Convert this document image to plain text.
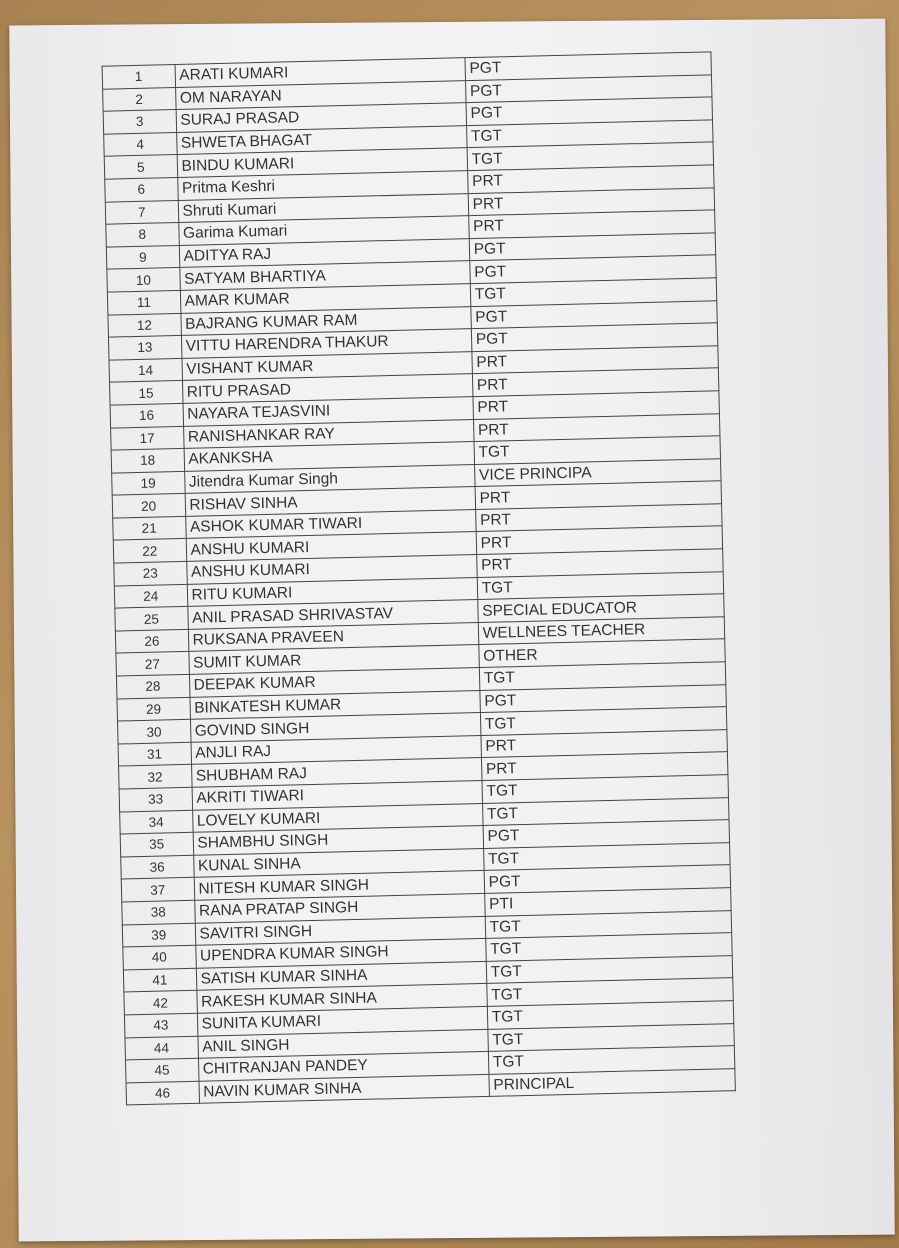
1	ARATI KUMARI	PGT
2	OM NARAYAN	PGT
3	SURAJ PRASAD	PGT
4	SHWETA BHAGAT	TGT
5	BINDU KUMARI	TGT
6	Pritma Keshri	PRT
7	Shruti Kumari	PRT
8	Garima Kumari	PRT
9	ADITYA RAJ	PGT
10	SATYAM BHARTIYA	PGT
11	AMAR KUMAR	TGT
12	BAJRANG KUMAR RAM	PGT
13	VITTU HARENDRA THAKUR	PGT
14	VISHANT KUMAR	PRT
15	RITU PRASAD	PRT
16	NAYARA TEJASVINI	PRT
17	RANISHANKAR RAY	PRT
18	AKANKSHA	TGT
19	Jitendra Kumar Singh	VICE PRINCIPA
20	RISHAV SINHA	PRT
21	ASHOK KUMAR TIWARI	PRT
22	ANSHU KUMARI	PRT
23	ANSHU KUMARI	PRT
24	RITU KUMARI	TGT
25	ANIL PRASAD SHRIVASTAV	SPECIAL EDUCATOR
26	RUKSANA PRAVEEN	WELLNEES TEACHER
27	SUMIT KUMAR	OTHER
28	DEEPAK KUMAR	TGT
29	BINKATESH KUMAR	PGT
30	GOVIND SINGH	TGT
31	ANJLI RAJ	PRT
32	SHUBHAM RAJ	PRT
33	AKRITI TIWARI	TGT
34	LOVELY KUMARI	TGT
35	SHAMBHU SINGH	PGT
36	KUNAL SINHA	TGT
37	NITESH KUMAR SINGH	PGT
38	RANA PRATAP SINGH	PTI
39	SAVITRI SINGH	TGT
40	UPENDRA KUMAR SINGH	TGT
41	SATISH KUMAR SINHA	TGT
42	RAKESH KUMAR SINHA	TGT
43	SUNITA KUMARI	TGT
44	ANIL SINGH	TGT
45	CHITRANJAN PANDEY	TGT
46	NAVIN KUMAR SINHA	PRINCIPAL
